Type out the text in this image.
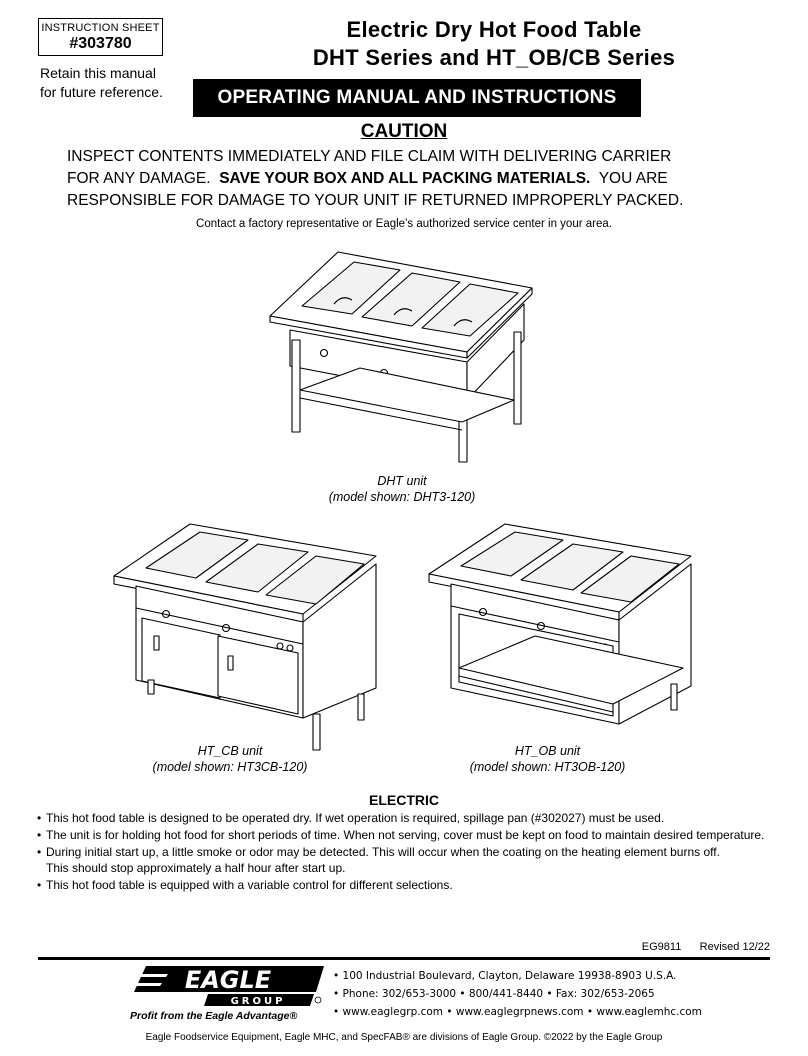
INSTRUCTION SHEET
#303780
Retain this manual
for future reference.
Electric Dry Hot Food Table
DHT Series and HT_OB/CB Series
OPERATING MANUAL AND INSTRUCTIONS
CAUTION
INSPECT CONTENTS IMMEDIATELY AND FILE CLAIM WITH DELIVERING CARRIER
FOR ANY DAMAGE. SAVE YOUR BOX AND ALL PACKING MATERIALS. YOU ARE
RESPONSIBLE FOR DAMAGE TO YOUR UNIT IF RETURNED IMPROPERLY PACKED.
Contact a factory representative or Eagle’s authorized service center in your area.
DHT unit
(model shown: DHT3-120)
HT_CB unit
(model shown: HT3CB-120)
HT_OB unit
(model shown: HT3OB-120)
ELECTRIC
• This hot food table is designed to be operated dry. If wet operation is required, spillage pan (#302027) must be used.
• The unit is for holding hot food for short periods of time. When not serving, cover must be kept on food to maintain desired temperature.
• During initial start up, a little smoke or odor may be detected. This will occur when the coating on the heating element burns off.
This should stop approximately a half hour after start up.
• This hot food table is equipped with a variable control for different selections.
EG9811 Revised 12/22
EAGLE
GROUP
Profit from the Eagle Advantage®
• 100 Industrial Boulevard, Clayton, Delaware 19938-8903 U.S.A.
• Phone: 302/653-3000 • 800/441-8440 • Fax: 302/653-2065
• www.eaglegrp.com • www.eaglegrpnews.com • www.eaglemhc.com
Eagle Foodservice Equipment, Eagle MHC, and SpecFAB® are divisions of Eagle Group. ©2022 by the Eagle Group
